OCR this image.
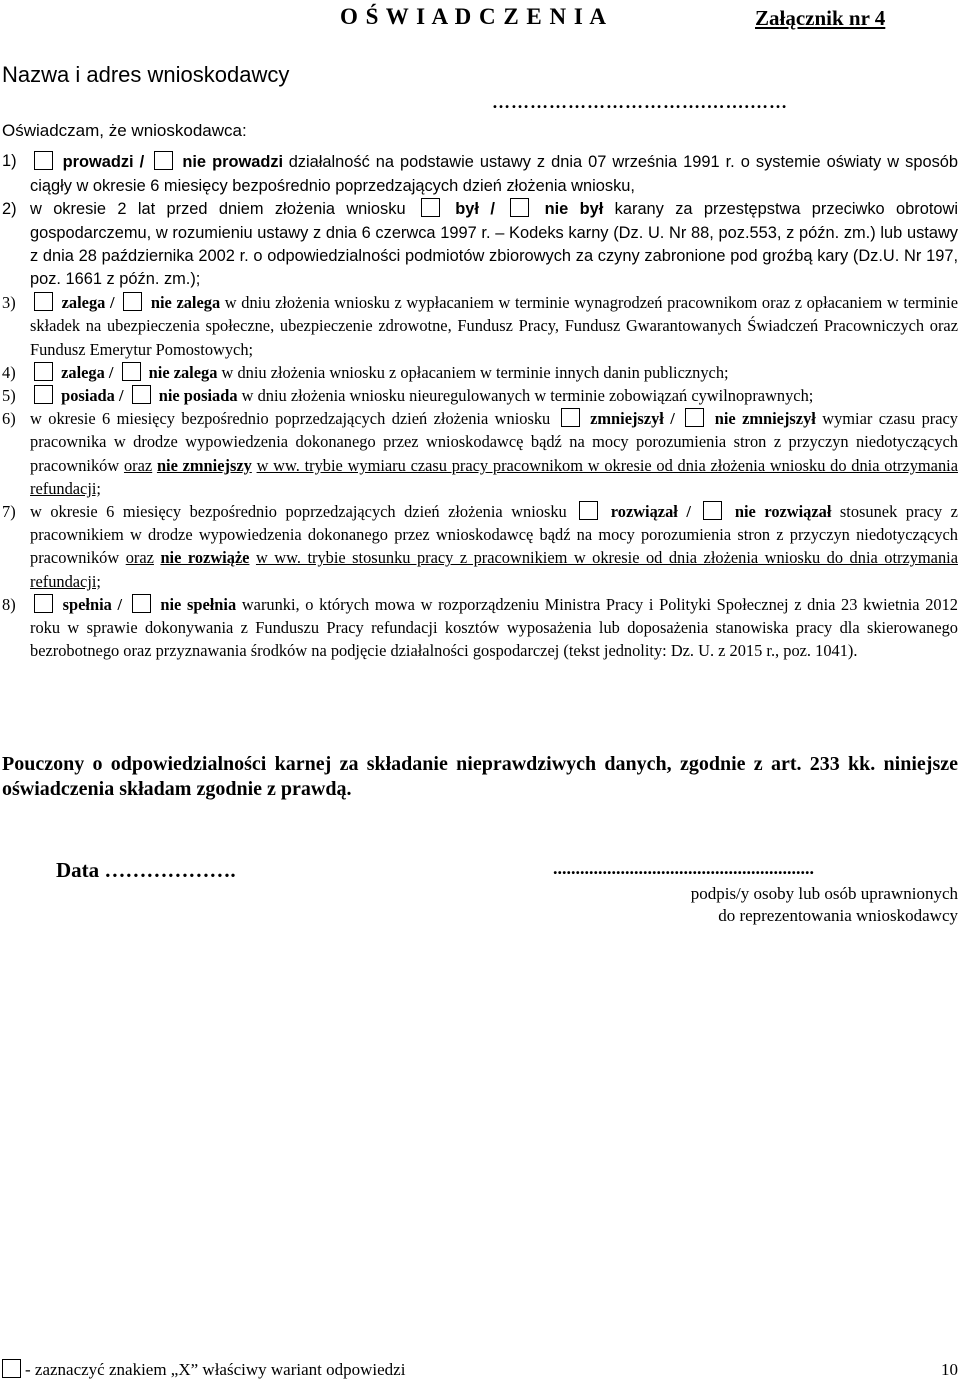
O Ś W I A D C Z E N I A	Załącznik nr 4
Nazwa i adres wnioskodawcy
…………………………….…….……
Oświadczam, że wnioskodawca:
1)	prowadzi / nie prowadzi działalność na podstawie ustawy z dnia 07 września 1991 r. o systemie oświaty w sposób ciągły w okresie 6 miesięcy bezpośrednio poprzedzających dzień złożenia wniosku,
2) w okresie 2 lat przed dniem złożenia wniosku	był /	nie był karany za przestępstwa przeciwko obrotowi gospodarczemu, w rozumieniu ustawy z dnia 6 czerwca 1997 r. – Kodeks karny (Dz. U. Nr 88, poz.553, z późn. zm.) lub ustawy z dnia 28 października 2002 r. o odpowiedzialności podmiotów zbiorowych za czyny zabronione pod groźbą kary (Dz.U. Nr 197, poz. 1661 z późn. zm.);
3)	zalega / nie zalega w dniu złożenia wniosku z wypłacaniem w terminie wynagrodzeń pracownikom oraz z opłacaniem w terminie składek na ubezpieczenia społeczne, ubezpieczenie zdrowotne, Fundusz Pracy, Fundusz Gwarantowanych Świadczeń Pracowniczych oraz Fundusz Emerytur Pomostowych;
4)	zalega / nie zalega w dniu złożenia wniosku z opłacaniem w terminie innych danin publicznych;
5)	posiada / nie posiada w dniu złożenia wniosku nieuregulowanych w terminie zobowiązań cywilnoprawnych;
6) w okresie 6 miesięcy bezpośrednio poprzedzających dzień złożenia wniosku zmniejszył / nie zmniejszył wymiar czasu pracy pracownika w drodze wypowiedzenia dokonanego przez wnioskodawcę bądź na mocy porozumienia stron z przyczyn niedotyczących pracowników oraz nie zmniejszy w ww. trybie wymiaru czasu pracy pracownikom w okresie od dnia złożenia wniosku do dnia otrzymania refundacji;
7) w okresie 6 miesięcy bezpośrednio poprzedzających dzień złożenia wniosku	rozwiązał /	nie rozwiązał stosunek pracy z pracownikiem w drodze wypowiedzenia dokonanego przez wnioskodawcę bądź na mocy porozumienia stron z przyczyn niedotyczących pracowników oraz nie rozwiąże w ww. trybie stosunku pracy z pracownikiem w okresie od dnia złożenia wniosku do dnia otrzymania refundacji;
8)	spełnia / nie spełnia warunki, o których mowa w rozporządzeniu Ministra Pracy i Polityki Społecznej z dnia 23 kwietnia 2012 roku w sprawie dokonywania z Funduszu Pracy refundacji kosztów wyposażenia lub doposażenia stanowiska pracy dla skierowanego bezrobotnego oraz przyznawania środków na podjęcie działalności gospodarczej (tekst jednolity: Dz. U. z 2015 r., poz. 1041).
Pouczony o odpowiedzialności karnej za składanie nieprawdziwych danych, zgodnie z art. 233 kk. niniejsze oświadczenia składam zgodnie z prawdą.
Data ……………….	..........................................................
podpis/y osoby lub osób uprawnionych
do reprezentowania wnioskodawcy
- zaznaczyć znakiem „X” właściwy wariant odpowiedzi	10
